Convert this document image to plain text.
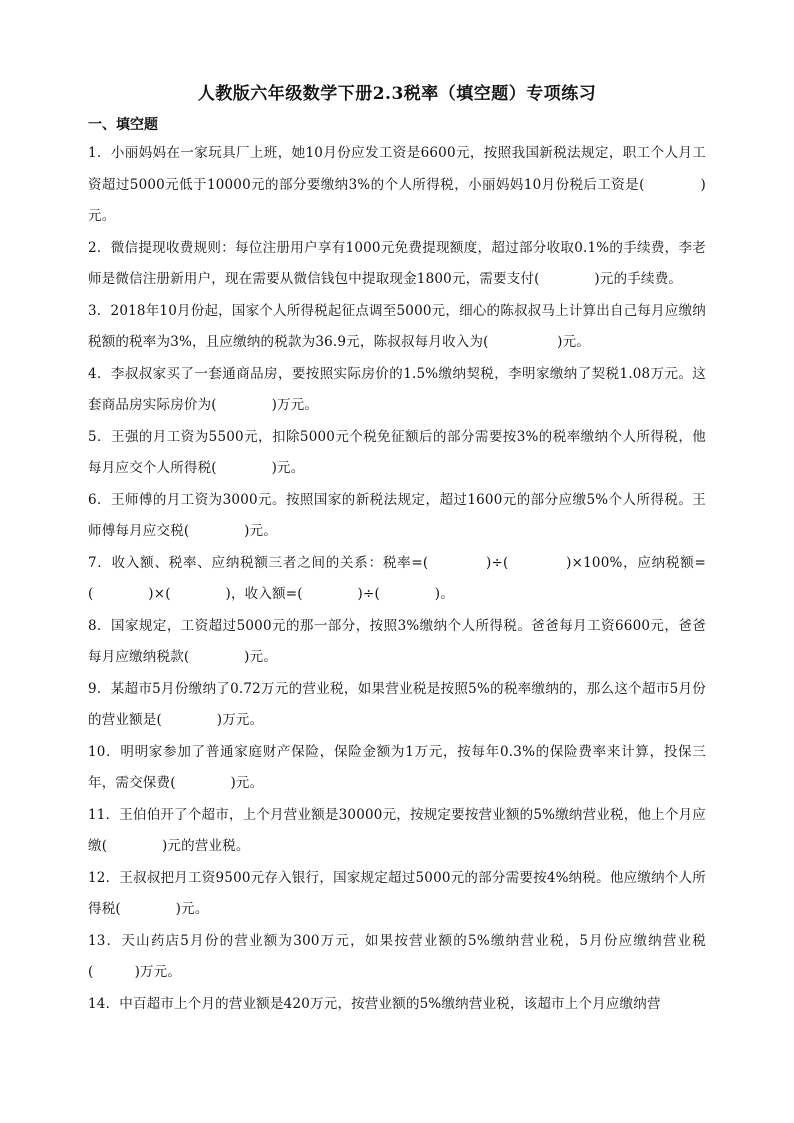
人教版六年级数学下册2.3税率（填空题）专项练习
一、填空题

1．小丽妈妈在一家玩具厂上班，她10月份应发工资是6600元，按照我国新税法规定，职工个人月工资超过5000元低于10000元的部分要缴纳3%的个人所得税，小丽妈妈10月份税后工资是(　　　　)元。

2．微信提现收费规则：每位注册用户享有1000元免费提现额度，超过部分收取0.1%的手续费，李老师是微信注册新用户，现在需要从微信钱包中提取现金1800元，需要支付(　　　　)元的手续费。

3．2018年10月份起，国家个人所得税起征点调至5000元，细心的陈叔叔马上计算出自己每月应缴纳税额的税率为3%，且应缴纳的税款为36.9元，陈叔叔每月收入为(　　　　　)元。

4．李叔叔家买了一套通商品房，要按照实际房价的1.5%缴纳契税，李明家缴纳了契税1.08万元。这套商品房实际房价为(　　　　)万元。

5．王强的月工资为5500元，扣除5000元个税免征额后的部分需要按3%的税率缴纳个人所得税，他每月应交个人所得税(　　　　)元。

6．王师傅的月工资为3000元。按照国家的新税法规定，超过1600元的部分应缴5%个人所得税。王师傅每月应交税(　　　　)元。

7．收入额、税率、应纳税额三者之间的关系：税率=(　　　　)÷(　　　　)×100%，应纳税额=(　　　　)×(　　　　)，收入额=(　　　　)÷(　　　　)。

8．国家规定，工资超过5000元的那一部分，按照3%缴纳个人所得税。爸爸每月工资6600元，爸爸每月应缴纳税款(　　　　)元。

9．某超市5月份缴纳了0.72万元的营业税，如果营业税是按照5%的税率缴纳的，那么这个超市5月份的营业额是(　　　　)万元。

10．明明家参加了普通家庭财产保险，保险金额为1万元，按每年0.3%的保险费率来计算，投保三年，需交保费(　　　　)元。

11．王伯伯开了个超市，上个月营业额是30000元，按规定要按营业额的5%缴纳营业税，他上个月应缴(　　　　)元的营业税。

12．王叔叔把月工资9500元存入银行，国家规定超过5000元的部分需要按4%纳税。他应缴纳个人所得税(　　　　)元。

13．天山药店5月份的营业额为300万元，如果按营业额的5%缴纳营业税，5月份应缴纳营业税(　　　)万元。

14．中百超市上个月的营业额是420万元，按营业额的5%缴纳营业税，该超市上个月应缴纳营
